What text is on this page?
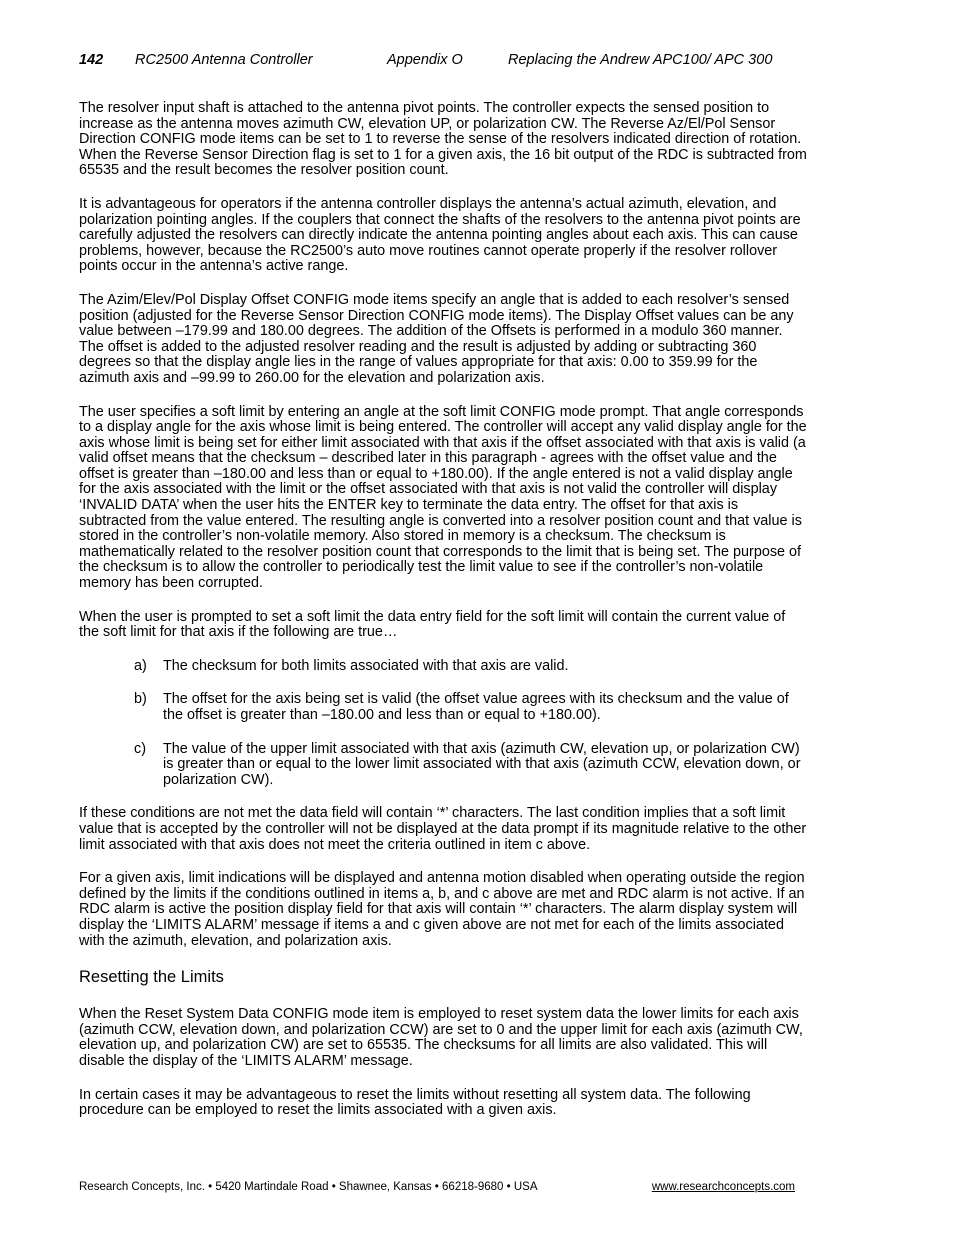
142 RC2500 Antenna Controller	Appendix O	Replacing the Andrew APC100/ APC 300

The resolver input shaft is attached to the antenna pivot points. The controller expects the sensed position to increase as the antenna moves azimuth CW, elevation UP, or polarization CW. The Reverse Az/El/Pol Sensor Direction CONFIG mode items can be set to 1 to reverse the sense of the resolvers indicated direction of rotation. When the Reverse Sensor Direction flag is set to 1 for a given axis, the 16 bit output of the RDC is subtracted from 65535 and the result becomes the resolver position count.

It is advantageous for operators if the antenna controller displays the antenna’s actual azimuth, elevation, and polarization pointing angles. If the couplers that connect the shafts of the resolvers to the antenna pivot points are carefully adjusted the resolvers can directly indicate the antenna pointing angles about each axis. This can cause problems, however, because the RC2500’s auto move routines cannot operate properly if the resolver rollover points occur in the antenna’s active range.

The Azim/Elev/Pol Display Offset CONFIG mode items specify an angle that is added to each resolver’s sensed position (adjusted for the Reverse Sensor Direction CONFIG mode items). The Display Offset values can be any value between –179.99 and 180.00 degrees. The addition of the Offsets is performed in a modulo 360 manner. The offset is added to the adjusted resolver reading and the result is adjusted by adding or subtracting 360 degrees so that the display angle lies in the range of values appropriate for that axis: 0.00 to 359.99 for the azimuth axis and –99.99 to 260.00 for the elevation and polarization axis.

The user specifies a soft limit by entering an angle at the soft limit CONFIG mode prompt. That angle corresponds to a display angle for the axis whose limit is being entered. The controller will accept any valid display angle for the axis whose limit is being set for either limit associated with that axis if the offset associated with that axis is valid (a valid offset means that the checksum – described later in this paragraph - agrees with the offset value and the offset is greater than –180.00 and less than or equal to +180.00). If the angle entered is not a valid display angle for the axis associated with the limit or the offset associated with that axis is not valid the controller will display ‘INVALID DATA’ when the user hits the ENTER key to terminate the data entry. The offset for that axis is subtracted from the value entered. The resulting angle is converted into a resolver position count and that value is stored in the controller’s non-volatile memory. Also stored in memory is a checksum. The checksum is mathematically related to the resolver position count that corresponds to the limit that is being set. The purpose of the checksum is to allow the controller to periodically test the limit value to see if the controller’s non-volatile memory has been corrupted.

When the user is prompted to set a soft limit the data entry field for the soft limit will contain the current value of the soft limit for that axis if the following are true…

a) The checksum for both limits associated with that axis are valid.
b) The offset for the axis being set is valid (the offset value agrees with its checksum and the value of the offset is greater than –180.00 and less than or equal to +180.00).
c) The value of the upper limit associated with that axis (azimuth CW, elevation up, or polarization CW) is greater than or equal to the lower limit associated with that axis (azimuth CCW, elevation down, or polarization CW).

If these conditions are not met the data field will contain ‘*’ characters. The last condition implies that a soft limit value that is accepted by the controller will not be displayed at the data prompt if its magnitude relative to the other limit associated with that axis does not meet the criteria outlined in item c above.

For a given axis, limit indications will be displayed and antenna motion disabled when operating outside the region defined by the limits if the conditions outlined in items a, b, and c above are met and RDC alarm is not active. If an RDC alarm is active the position display field for that axis will contain ‘*’ characters. The alarm display system will display the ‘LIMITS ALARM’ message if items a and c given above are not met for each of the limits associated with the azimuth, elevation, and polarization axis.

Resetting the Limits

When the Reset System Data CONFIG mode item is employed to reset system data the lower limits for each axis (azimuth CCW, elevation down, and polarization CCW) are set to 0 and the upper limit for each axis (azimuth CW, elevation up, and polarization CW) are set to 65535. The checksums for all limits are also validated. This will disable the display of the ‘LIMITS ALARM’ message.

In certain cases it may be advantageous to reset the limits without resetting all system data. The following procedure can be employed to reset the limits associated with a given axis.

Research Concepts, Inc. • 5420 Martindale Road • Shawnee, Kansas • 66218-9680 • USA	www.researchconcepts.com
